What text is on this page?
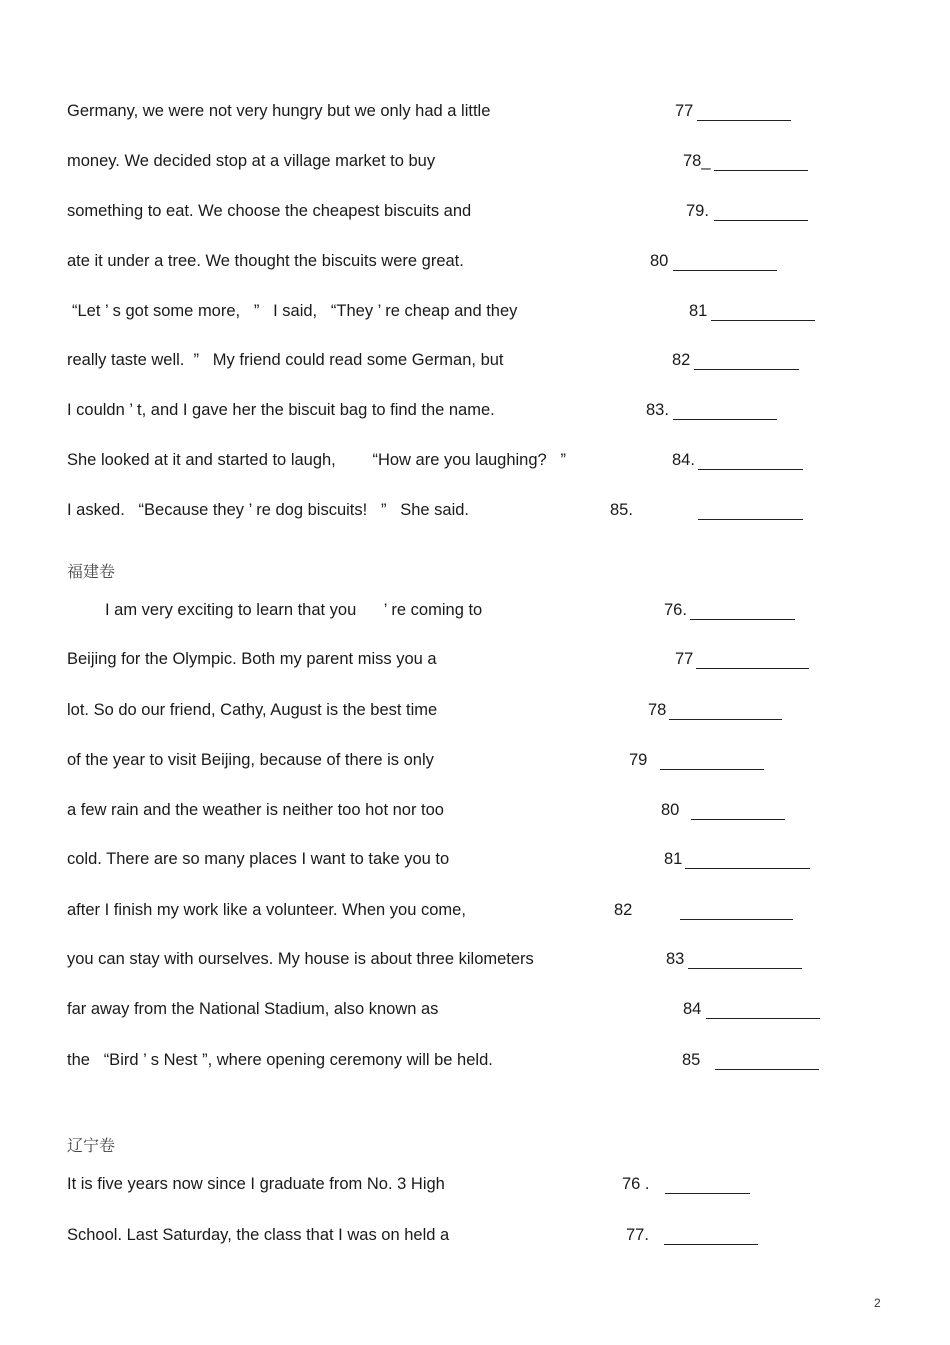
Germany, we were not very hungry but we only had a little	77
money. We decided stop at a village market to buy	78_
something to eat. We choose the cheapest biscuits and	79.
ate it under a tree. We thought the biscuits were great.	80
“Let ’ s got some more,   ”   I said,   “They ’ re cheap and they	81
really taste well.  ”   My friend could read some German, but	82
I couldn ’ t, and I gave her the biscuit bag to find the name.	83.
She looked at it and started to laugh,        “How are you laughing?   ”	84.
I asked.   “Because they ’ re dog biscuits!   ”   She said.	85.
福建卷
I am very exciting to learn that you      ’ re coming to	76.
Beijing for the Olympic. Both my parent miss you a	77
lot. So do our friend, Cathy, August is the best time	78
of the year to visit Beijing, because of there is only	79
a few rain and the weather is neither too hot nor too	80
cold. There are so many places I want to take you to	81
after I finish my work like a volunteer. When you come,	82
you can stay with ourselves. My house is about three kilometers	83
far away from the National Stadium, also known as	84
the   “Bird ’ s Nest ”, where opening ceremony will be held.	85
辽宁卷
It is five years now since I graduate from No. 3 High	76 .
School. Last Saturday, the class that I was on held a	77.
2
